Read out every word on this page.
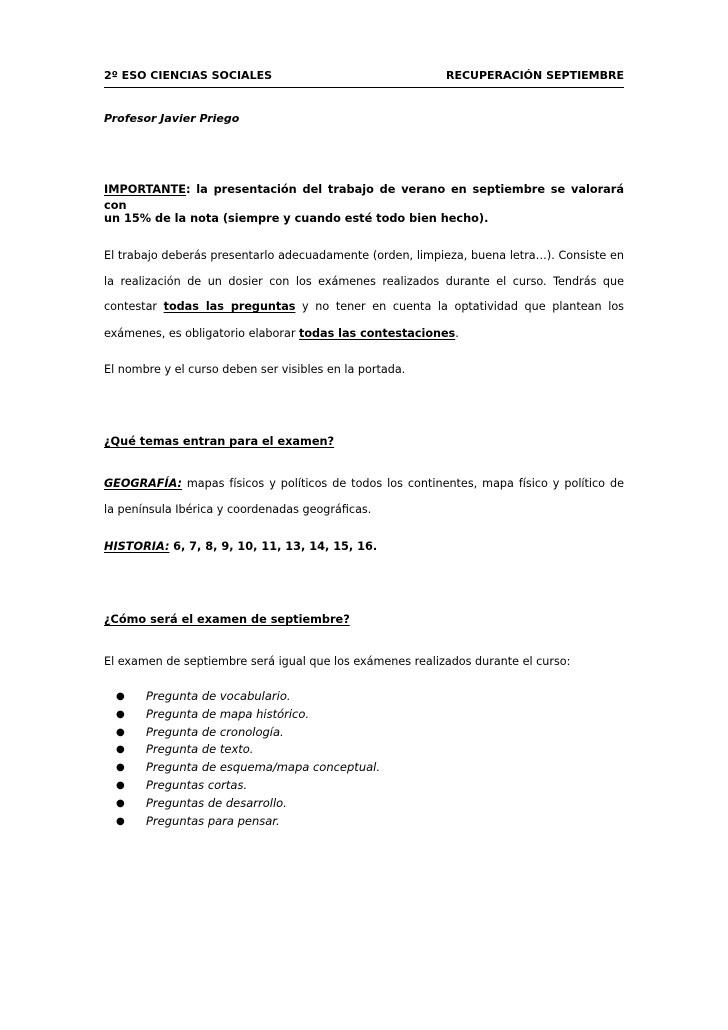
2º ESO CIENCIAS SOCIALES	RECUPERACIÓN SEPTIEMBRE
Profesor Javier Priego
IMPORTANTE: la presentación del trabajo de verano en septiembre se valorará con
un 15% de la nota (siempre y cuando esté todo bien hecho).
El trabajo deberás presentarlo adecuadamente (orden, limpieza, buena letra…). Consiste en
la realización de un dosier con los exámenes realizados durante el curso. Tendrás que
contestar todas las preguntas y no tener en cuenta la optatividad que plantean los
exámenes, es obligatorio elaborar todas las contestaciones.
El nombre y el curso deben ser visibles en la portada.
¿Qué temas entran para el examen?
GEOGRAFÍA: mapas físicos y políticos de todos los continentes, mapa físico y político de
la península Ibérica y coordenadas geográficas.
HISTORIA: 6, 7, 8, 9, 10, 11, 13, 14, 15, 16.
¿Cómo será el examen de septiembre?
El examen de septiembre será igual que los exámenes realizados durante el curso:
● Pregunta de vocabulario.
● Pregunta de mapa histórico.
● Pregunta de cronología.
● Pregunta de texto.
● Pregunta de esquema/mapa conceptual.
● Preguntas cortas.
● Preguntas de desarrollo.
● Preguntas para pensar.
